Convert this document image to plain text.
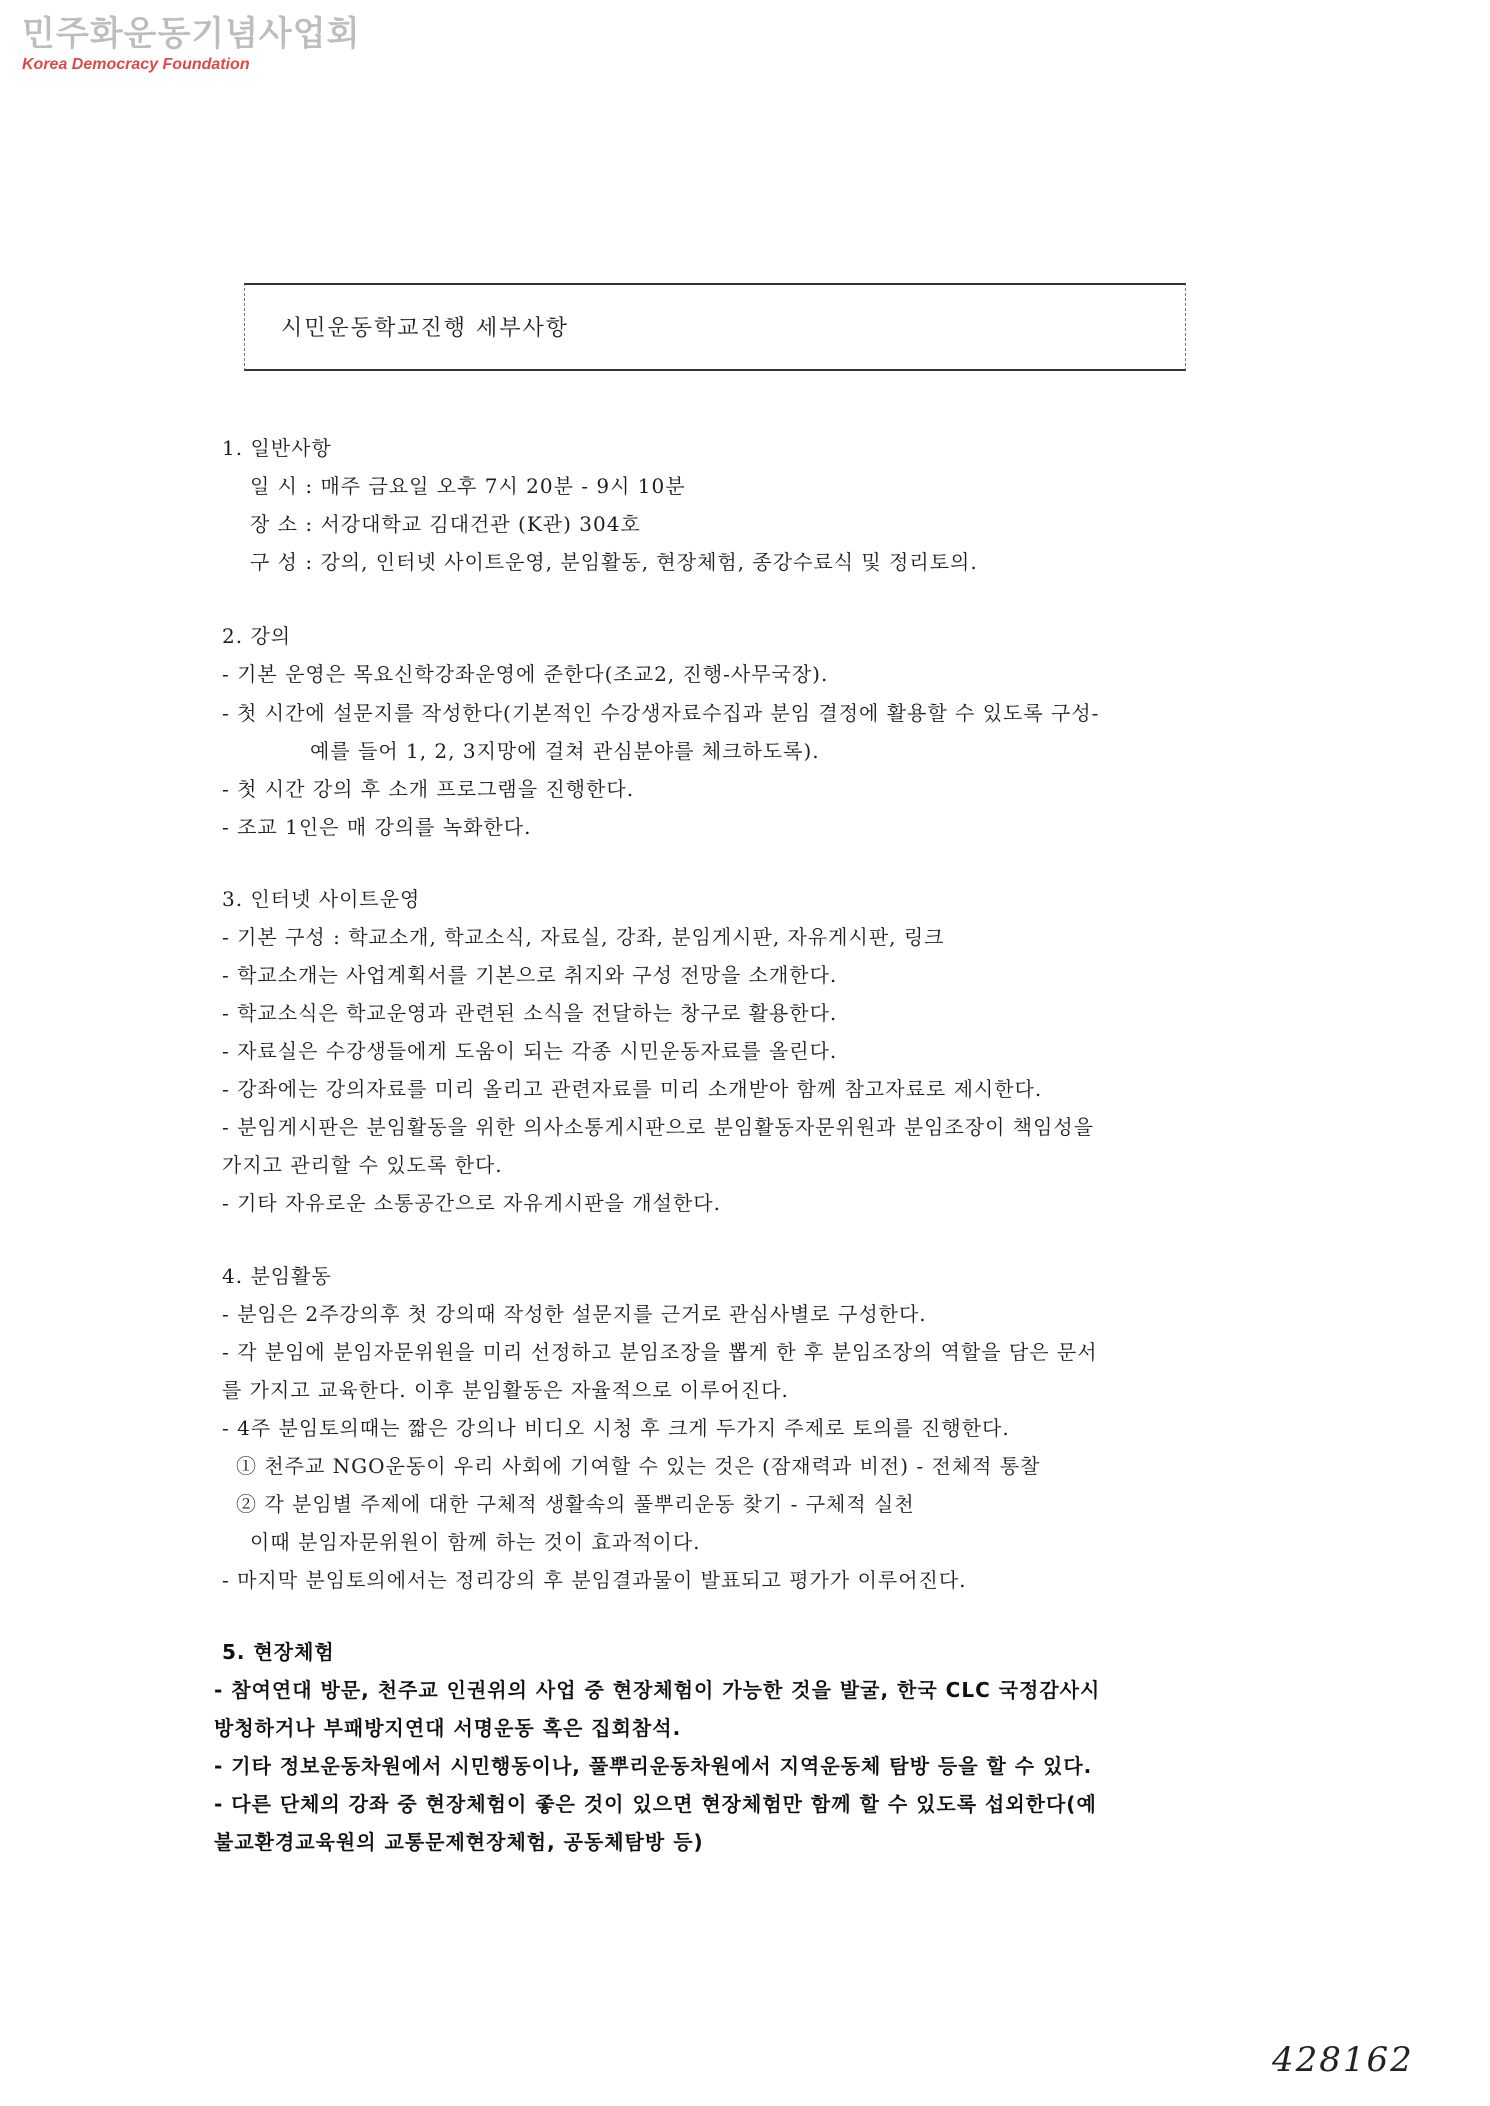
민주화운동기념사업회
Korea Democracy Foundation
시민운동학교진행 세부사항
1. 일반사항
일 시 : 매주 금요일 오후 7시 20분 - 9시 10분
장 소 : 서강대학교 김대건관 (K관) 304호
구 성 : 강의, 인터넷 사이트운영, 분임활동, 현장체험, 종강수료식 및 정리토의.
2. 강의
- 기본 운영은 목요신학강좌운영에 준한다(조교2, 진행-사무국장).
- 첫 시간에 설문지를 작성한다(기본적인 수강생자료수집과 분임 결정에 활용할 수 있도록 구성-
예를 들어 1, 2, 3지망에 걸쳐 관심분야를 체크하도록).
- 첫 시간 강의 후 소개 프로그램을 진행한다.
- 조교 1인은 매 강의를 녹화한다.
3. 인터넷 사이트운영
- 기본 구성 : 학교소개, 학교소식, 자료실, 강좌, 분임게시판, 자유게시판, 링크
- 학교소개는 사업계획서를 기본으로 취지와 구성 전망을 소개한다.
- 학교소식은 학교운영과 관련된 소식을 전달하는 창구로 활용한다.
- 자료실은 수강생들에게 도움이 되는 각종 시민운동자료를 올린다.
- 강좌에는 강의자료를 미리 올리고 관련자료를 미리 소개받아 함께 참고자료로 제시한다.
- 분임게시판은 분임활동을 위한 의사소통게시판으로 분임활동자문위원과 분임조장이 책임성을
가지고 관리할 수 있도록 한다.
- 기타 자유로운 소통공간으로 자유게시판을 개설한다.
4. 분임활동
- 분임은 2주강의후 첫 강의때 작성한 설문지를 근거로 관심사별로 구성한다.
- 각 분임에 분임자문위원을 미리 선정하고 분임조장을 뽑게 한 후 분임조장의 역할을 담은 문서
를 가지고 교육한다. 이후 분임활동은 자율적으로 이루어진다.
- 4주 분임토의때는 짧은 강의나 비디오 시청 후 크게 두가지 주제로 토의를 진행한다.
① 천주교 NGO운동이 우리 사회에 기여할 수 있는 것은 (잠재력과 비전) - 전체적 통찰
② 각 분임별 주제에 대한 구체적 생활속의 풀뿌리운동 찾기 - 구체적 실천
이때 분임자문위원이 함께 하는 것이 효과적이다.
- 마지막 분임토의에서는 정리강의 후 분임결과물이 발표되고 평가가 이루어진다.
5. 현장체험
- 참여연대 방문, 천주교 인권위의 사업 중 현장체험이 가능한 것을 발굴, 한국 CLC 국정감사시
방청하거나 부패방지연대 서명운동 혹은 집회참석.
- 기타 정보운동차원에서 시민행동이나, 풀뿌리운동차원에서 지역운동체 탐방 등을 할 수 있다.
- 다른 단체의 강좌 중 현장체험이 좋은 것이 있으면 현장체험만 함께 할 수 있도록 섭외한다(예
불교환경교육원의 교통문제현장체험, 공동체탐방 등)
428162
